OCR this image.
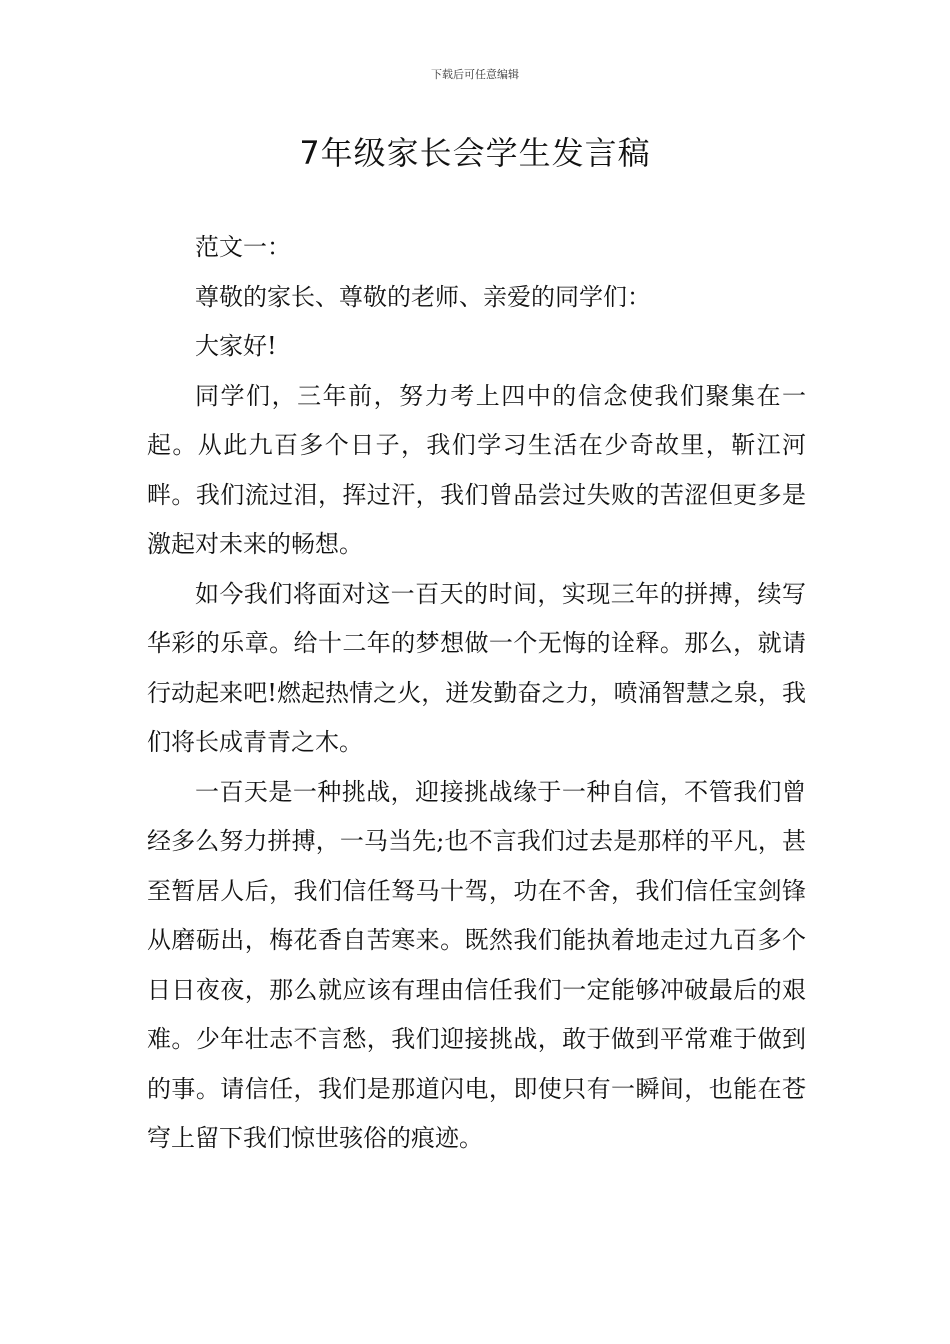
下载后可任意编辑
7年级家长会学生发言稿

范文一：

尊敬的家长、尊敬的老师、亲爱的同学们：

大家好!

同学们，三年前，努力考上四中的信念使我们聚集在一起。从此九百多个日子，我们学习生活在少奇故里，靳江河畔。我们流过泪，挥过汗，我们曾品尝过失败的苦涩但更多是激起对未来的畅想。

如今我们将面对这一百天的时间，实现三年的拼搏，续写华彩的乐章。给十二年的梦想做一个无悔的诠释。那么，就请行动起来吧!燃起热情之火，迸发勤奋之力，喷涌智慧之泉，我们将长成青青之木。

一百天是一种挑战，迎接挑战缘于一种自信，不管我们曾经多么努力拼搏，一马当先;也不言我们过去是那样的平凡，甚至暂居人后，我们信任驽马十驾，功在不舍，我们信任宝剑锋从磨砺出，梅花香自苦寒来。既然我们能执着地走过九百多个日日夜夜，那么就应该有理由信任我们一定能够冲破最后的艰难。少年壮志不言愁，我们迎接挑战，敢于做到平常难于做到的事。请信任，我们是那道闪电，即使只有一瞬间，也能在苍穹上留下我们惊世骇俗的痕迹。
